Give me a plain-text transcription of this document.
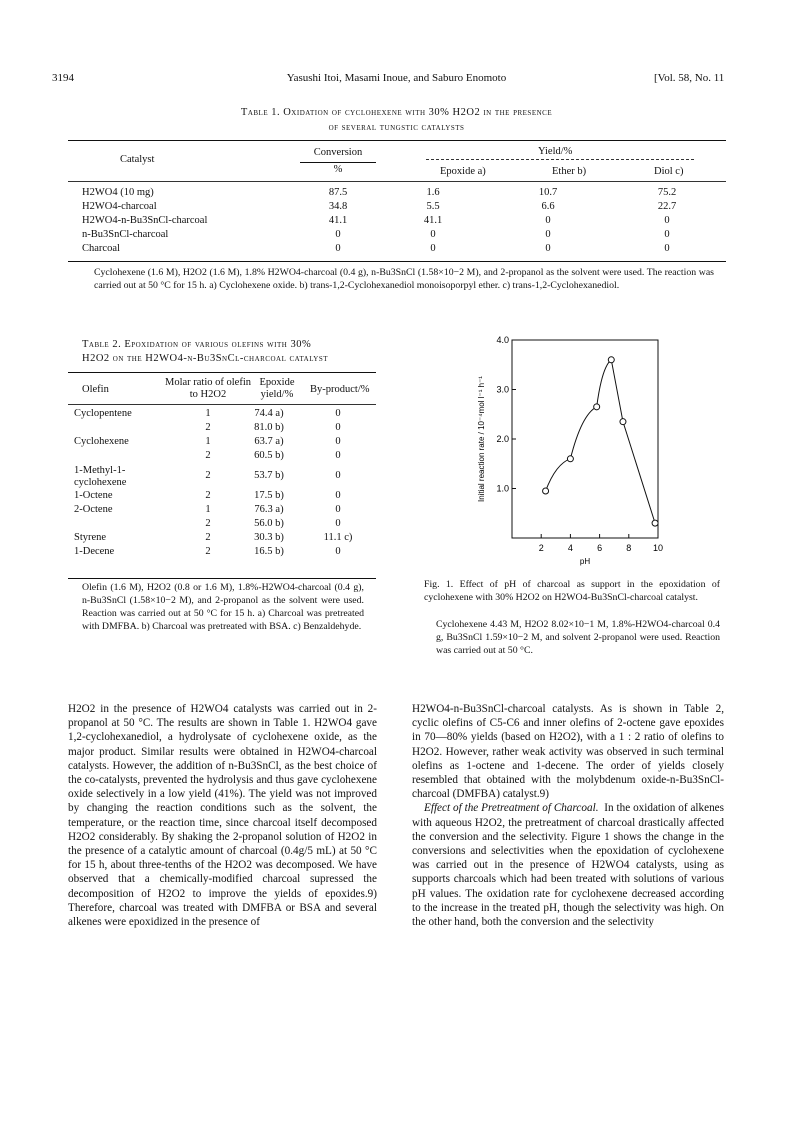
3194	Yasushi Itoi, Masami Inoue, and Saburo Enomoto	[Vol. 58, No. 11
Table 1. Oxidation of cyclohexene with 30% H2O2 in the presence
of several tungstic catalysts
Catalyst
Conversion
%
Yield/%
Epoxide a)	Ether b)	Diol c)
H2WO4 (10 mg)	87.5	1.6	10.7	75.2
H2WO4-charcoal	34.8	5.5	6.6	22.7
H2WO4-n-Bu3SnCl-charcoal	41.1	41.1	0	0
n-Bu3SnCl-charcoal	0	0	0	0
Charcoal	0	0	0	0
Cyclohexene (1.6 M), H2O2 (1.6 M), 1.8% H2WO4-charcoal (0.4 g), n-Bu3SnCl (1.58×10−2 M), and 2-propanol as the solvent were used. The reaction was carried out at 50 °C for 15 h. a) Cyclohexene oxide. b) trans-1,2-Cyclohexanediol monoisoporpyl ether. c) trans-1,2-Cyclohexanediol.
Table 2. Epoxidation of various olefins with 30%
H2O2 on the H2WO4-n-Bu3SnCl-charcoal catalyst
Olefin
Molar ratio of olefin to H2O2
Epoxide yield/%	By-product/%
Cyclopentene	1	74.4 a)	0
	2	81.0 b)	0
Cyclohexene	1	63.7 a)	0
	2	60.5 b)	0
1-Methyl-1-cyclohexene	2	53.7 b)	0
1-Octene	2	17.5 b)	0
2-Octene	1	76.3 a)	0
	2	56.0 b)	0
Styrene	2	30.3 b)	11.1 c)
1-Decene	2	16.5 b)	0
Olefin (1.6 M), H2O2 (0.8 or 1.6 M), 1.8%-H2WO4-charcoal (0.4 g), n-Bu3SnCl (1.58×10−2 M), and 2-propanol as the solvent were used. Reaction was carried out at 50 °C for 15 h. a) Charcoal was pretreated with DMFBA. b) Charcoal was pretreated with BSA. c) Benzaldehyde.
2	4	6	8 10
1.0
2.0
3.0
4.0
pH
Initial reaction rate / 10⁻⁴mol l⁻¹ h⁻¹
Fig. 1. Effect of pH of charcoal as support in the epoxidation of cyclohexene with 30% H2O2 on H2WO4-Bu3SnCl-charcoal catalyst.
Cyclohexene 4.43 M, H2O2 8.02×10−1 M, 1.8%-H2WO4-charcoal 0.4 g, Bu3SnCl 1.59×10−2 M, and solvent 2-propanol were used. Reaction was carried out at 50 °C.

H2O2 in the presence of H2WO4 catalysts was carried out in 2-propanol at 50 °C. The results are shown in Table 1. H2WO4 gave 1,2-cyclohexanediol, a hydrolysate of cyclohexene oxide, as the major product. Similar results were obtained in H2WO4-charcoal catalysts. However, the addition of n-Bu3SnCl, as the best choice of the co-catalysts, prevented the hydrolysis and thus gave cyclohexene oxide selectively in a low yield (41%). The yield was not improved by changing the reaction conditions such as the solvent, the temperature, or the reaction time, since charcoal itself decomposed H2O2 considerably. By shaking the 2-propanol solution of H2O2 in the presence of a catalytic amount of charcoal (0.4g/5 mL) at 50 °C for 15 h, about three-tenths of the H2O2 was decomposed. We have observed that a chemically-modified charcoal supressed the decomposition of H2O2 to improve the yields of epoxides.9) Therefore, charcoal was treated with DMFBA or BSA and several alkenes were epoxidized in the presence of

H2WO4-n-Bu3SnCl-charcoal catalysts. As is shown in Table 2, cyclic olefins of C5-C6 and inner olefins of 2-octene gave epoxides in 70—80% yields (based on H2O2), with a 1 : 2 ratio of olefins to H2O2. However, rather weak activity was observed in such terminal olefins as 1-octene and 1-decene. The order of yields closely resembled that obtained with the molybdenum oxide-n-Bu3SnCl-charcoal (DMFBA) catalyst.9)

Effect of the Pretreatment of Charcoal. In the oxidation of alkenes with aqueous H2O2, the pretreatment of charcoal drastically affected the conversion and the selectivity. Figure 1 shows the change in the conversions and selectivities when the epoxidation of cyclohexene was carried out in the presence of H2WO4 catalysts, using as supports charcoals which had been treated with solutions of various pH values. The oxidation rate for cyclohexene decreased according to the increase in the treated pH, though the selectivity was high. On the other hand, both the conversion and the selectivity
